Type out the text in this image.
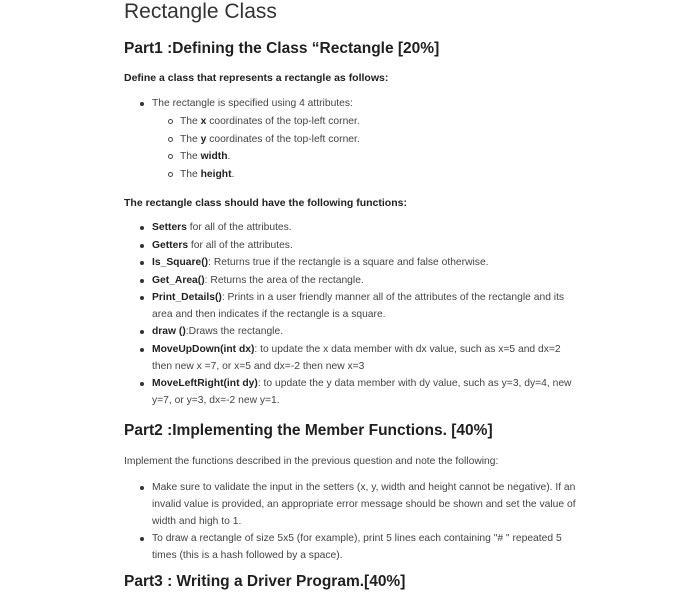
Rectangle Class
Part1 :Defining the Class “Rectangle [20%]

Define a class that represents a rectangle as follows:

The rectangle is specified using 4 attributes:
The x coordinates of the top-left corner.
The y coordinates of the top-left corner.
The width.
The height.

The rectangle class should have the following functions:

Setters for all of the attributes.
Getters for all of the attributes.
Is_Square(): Returns true if the rectangle is a square and false otherwise.
Get_Area(): Returns the area of the rectangle.
Print_Details(): Prints in a user friendly manner all of the attributes of the rectangle and its
area and then indicates if the rectangle is a square.
draw ():Draws the rectangle.
MoveUpDown(int dx): to update the x data member with dx value, such as x=5 and dx=2
then new x =7, or x=5 and dx=-2 then new x=3
MoveLeftRight(int dy): to update the y data member with dy value, such as y=3, dy=4, new
y=7, or y=3, dx=-2 new y=1.
Part2 :Implementing the Member Functions. [40%]

Implement the functions described in the previous question and note the following:

Make sure to validate the input in the setters (x, y, width and height cannot be negative). If an
invalid value is provided, an appropriate error message should be shown and set the value of
width and high to 1.
To draw a rectangle of size 5x5 (for example), print 5 lines each containing "# " repeated 5
times (this is a hash followed by a space).
Part3 : Writing a Driver Program.[40%]
